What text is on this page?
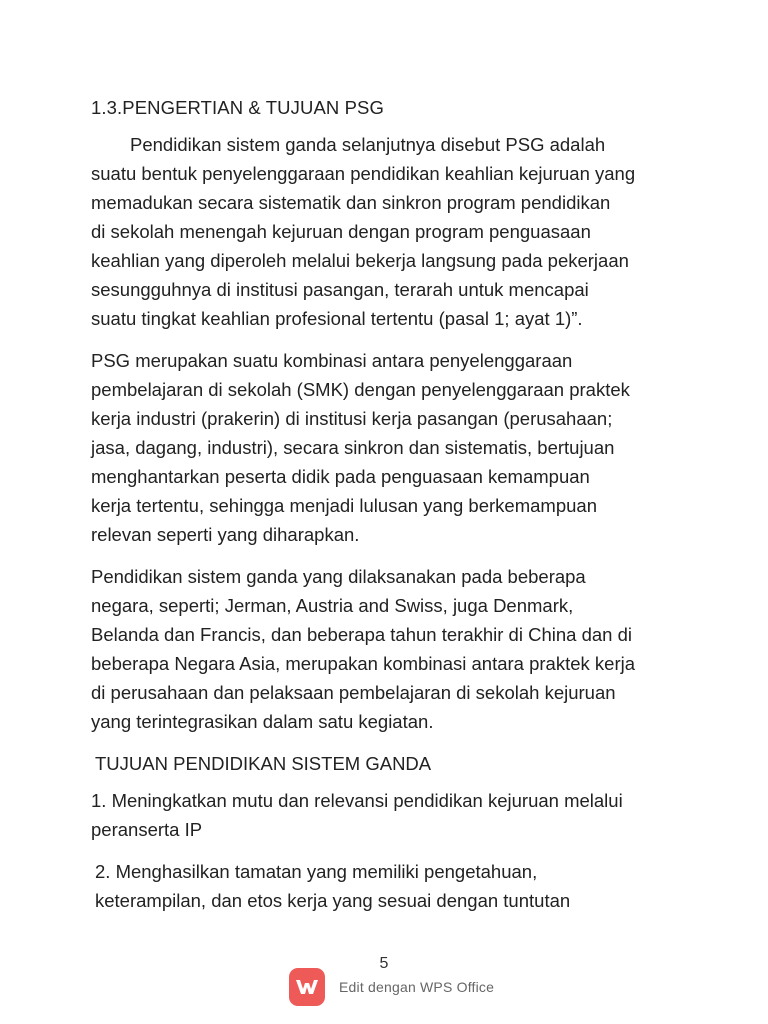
1.3.PENGERTIAN & TUJUAN PSG
Pendidikan sistem ganda selanjutnya disebut PSG adalah
suatu bentuk penyelenggaraan pendidikan keahlian kejuruan yang
memadukan secara sistematik dan sinkron program pendidikan
di sekolah menengah kejuruan dengan program penguasaan
keahlian yang diperoleh melalui bekerja langsung pada pekerjaan
sesungguhnya di institusi pasangan, terarah untuk mencapai
suatu tingkat keahlian profesional tertentu (pasal 1; ayat 1)”.
PSG merupakan suatu kombinasi antara penyelenggaraan
pembelajaran di sekolah (SMK) dengan penyelenggaraan praktek
kerja industri (prakerin) di institusi kerja pasangan (perusahaan;
jasa, dagang, industri), secara sinkron dan sistematis, bertujuan
menghantarkan peserta didik pada penguasaan kemampuan
kerja tertentu, sehingga menjadi lulusan yang berkemampuan
relevan seperti yang diharapkan.
Pendidikan sistem ganda yang dilaksanakan pada beberapa
negara, seperti; Jerman, Austria and Swiss, juga Denmark,
Belanda dan Francis, dan beberapa tahun terakhir di China dan di
beberapa Negara Asia, merupakan kombinasi antara praktek kerja
di perusahaan dan pelaksaan pembelajaran di sekolah kejuruan
yang terintegrasikan dalam satu kegiatan.
TUJUAN PENDIDIKAN SISTEM GANDA
1. Meningkatkan mutu dan relevansi pendidikan kejuruan melalui
peranserta IP
2. Menghasilkan tamatan yang memiliki pengetahuan,
keterampilan, dan etos kerja yang sesuai dengan tuntutan
5
Edit dengan WPS Office
